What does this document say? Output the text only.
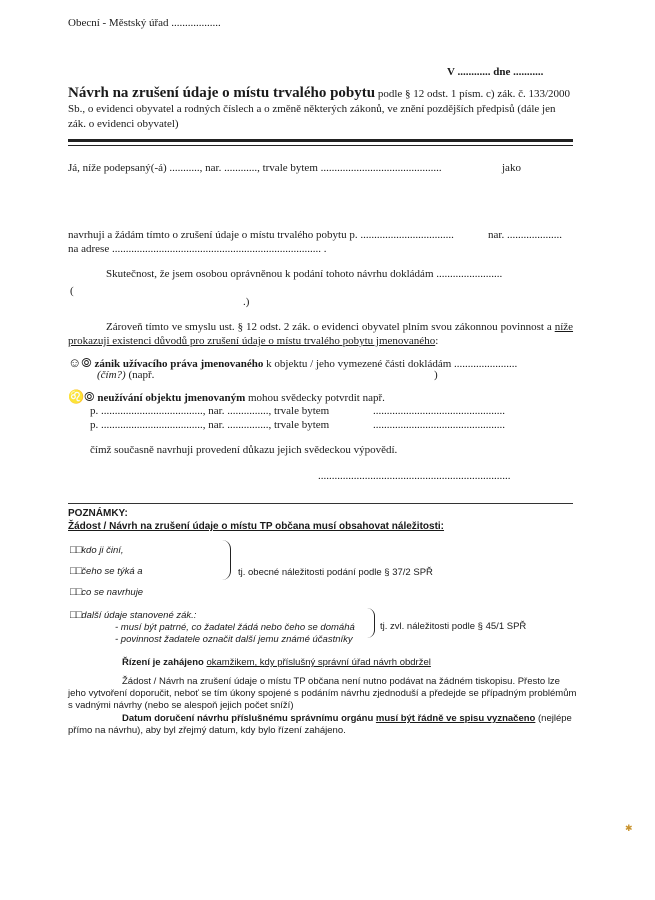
Obecní - Městský úřad ..................
V ............ dne ...........
Návrh na zrušení údaje o místu trvalého pobytu podle § 12 odst. 1 písm. c) zák. č. 133/2000 Sb., o evidenci obyvatel a rodných číslech a o změně některých zákonů, ve znění pozdějších předpisů (dále jen zák. o evidenci obyvatel)
Já, níže podepsaný(-á) ..........., nar. ............, trvale bytem ............................................	jako
navrhuji a žádám tímto o zrušení údaje o místu trvalého pobytu p. ..................................	nar. ....................
na adrese ............................................................................ .
Skutečnost, že jsem osobou oprávněnou k podání tohoto návrhu dokládám ........................
(
.)
Zároveň tímto ve smyslu ust. § 12 odst. 2 zák. o evidenci obyvatel plním svou zákonnou povinnost a níže prokazuji existenci důvodů pro zrušení údaje o místu trvalého pobytu jmenovaného:
☺⦾ zánik užívacího práva jmenovaného k objektu / jeho vymezené části dokládám .......................
(čím?) (např.	)
♌⦾ neužívání objektu jmenovaným mohou svědecky potvrdit např.
p. ....................................., nar. ..............., trvale bytem	................................................
p. ....................................., nar. ..............., trvale bytem	................................................
čímž současně navrhuji provedení důkazu jejich svědeckou výpovědí.
......................................................................
POZNÁMKY:
Žádost / Návrh na zrušení údaje o místu TP občana musí obsahovat náležitosti:
□□kdo ji činí,
□□čeho se týká a
□□co se navrhuje
tj. obecné náležitosti podání podle § 37/2 SPŘ
□□další údaje stanovené zák.:
- musí být patrné, co žadatel žádá nebo čeho se domáhá
- povinnost žadatele označit další jemu známé účastníky
tj. zvl. náležitosti podle § 45/1 SPŘ
Řízení je zahájeno okamžikem, kdy příslušný správní úřad návrh obdržel
Žádost / Návrh na zrušení údaje o místu TP občana není nutno podávat na žádném tiskopisu. Přesto lze jeho vytvoření doporučit, neboť se tím úkony spojené s podáním návrhu zjednoduší a předejde se případným problémům s vadnými návrhy (nebo se alespoň jejich počet sníží)
Datum doručení návrhu příslušnému správnímu orgánu musí být řádně ve spisu vyznačeno (nejlépe přímo na návrhu), aby byl zřejmý datum, kdy bylo řízení zahájeno.
✱
